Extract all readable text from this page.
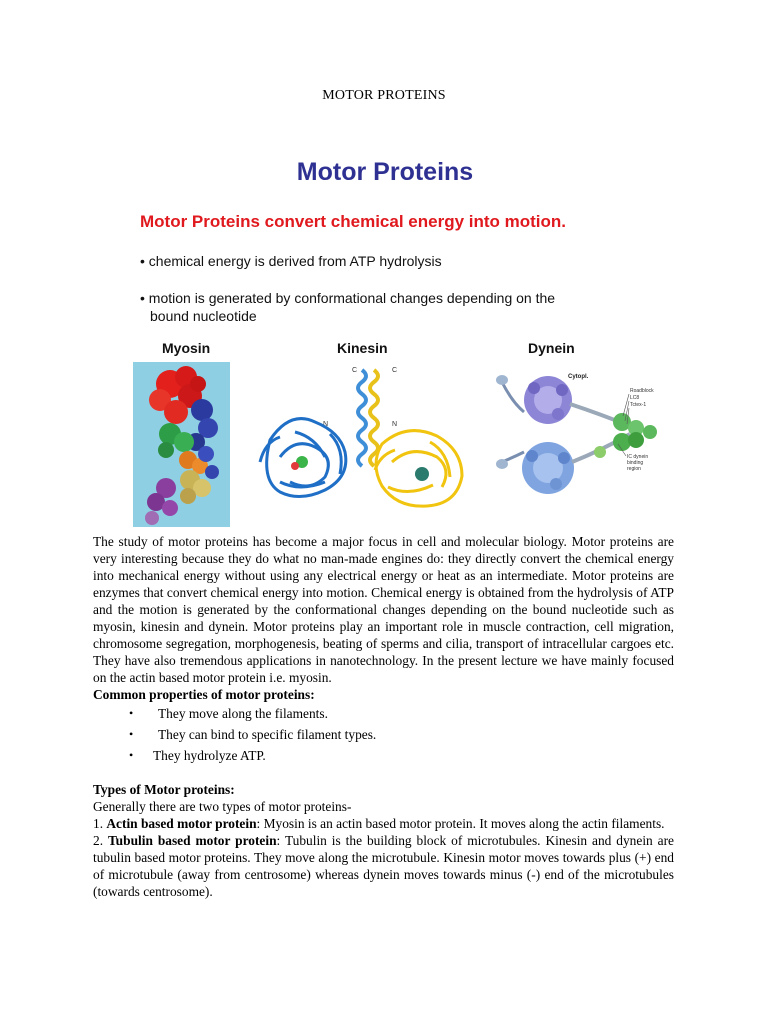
MOTOR PROTEINS
Motor Proteins
Motor Proteins convert chemical energy into motion.
• chemical energy is derived from ATP hydrolysis
• motion is generated by conformational changes depending on the
bound nucleotide
Myosin	Kinesin	Dynein
C	C
N	N
Cytopl.
Roadblock
LC8
Tctex-1
IC dynein
binding
region

The study of motor proteins has become a major focus in cell and molecular biology. Motor proteins are very interesting because they do what no man-made engines do: they directly convert the chemical energy into mechanical energy without using any electrical energy or heat as an intermediate. Motor proteins are enzymes that convert chemical energy into motion. Chemical energy is obtained from the hydrolysis of ATP and the motion is generated by the conformational changes depending on the bound nucleotide such as myosin, kinesin and dynein. Motor proteins play an important role in muscle contraction, cell migration, chromosome segregation, morphogenesis, beating of sperms and cilia, transport of intracellular cargoes etc. They have also tremendous applications in nanotechnology. In the present lecture we have mainly focused on the actin based motor protein i.e. myosin.

Common properties of motor proteins:

• They move along the filaments.
• They can bind to specific filament types.
• They hydrolyze ATP.

Types of Motor proteins:

Generally there are two types of motor proteins-

1. Actin based motor protein: Myosin is an actin based motor protein. It moves along the actin filaments.

2. Tubulin based motor protein: Tubulin is the building block of microtubules. Kinesin and dynein are tubulin based motor proteins. They move along the microtubule. Kinesin motor moves towards plus (+) end of microtubule (away from centrosome) whereas dynein moves towards minus (-) end of the microtubules (towards centrosome).
